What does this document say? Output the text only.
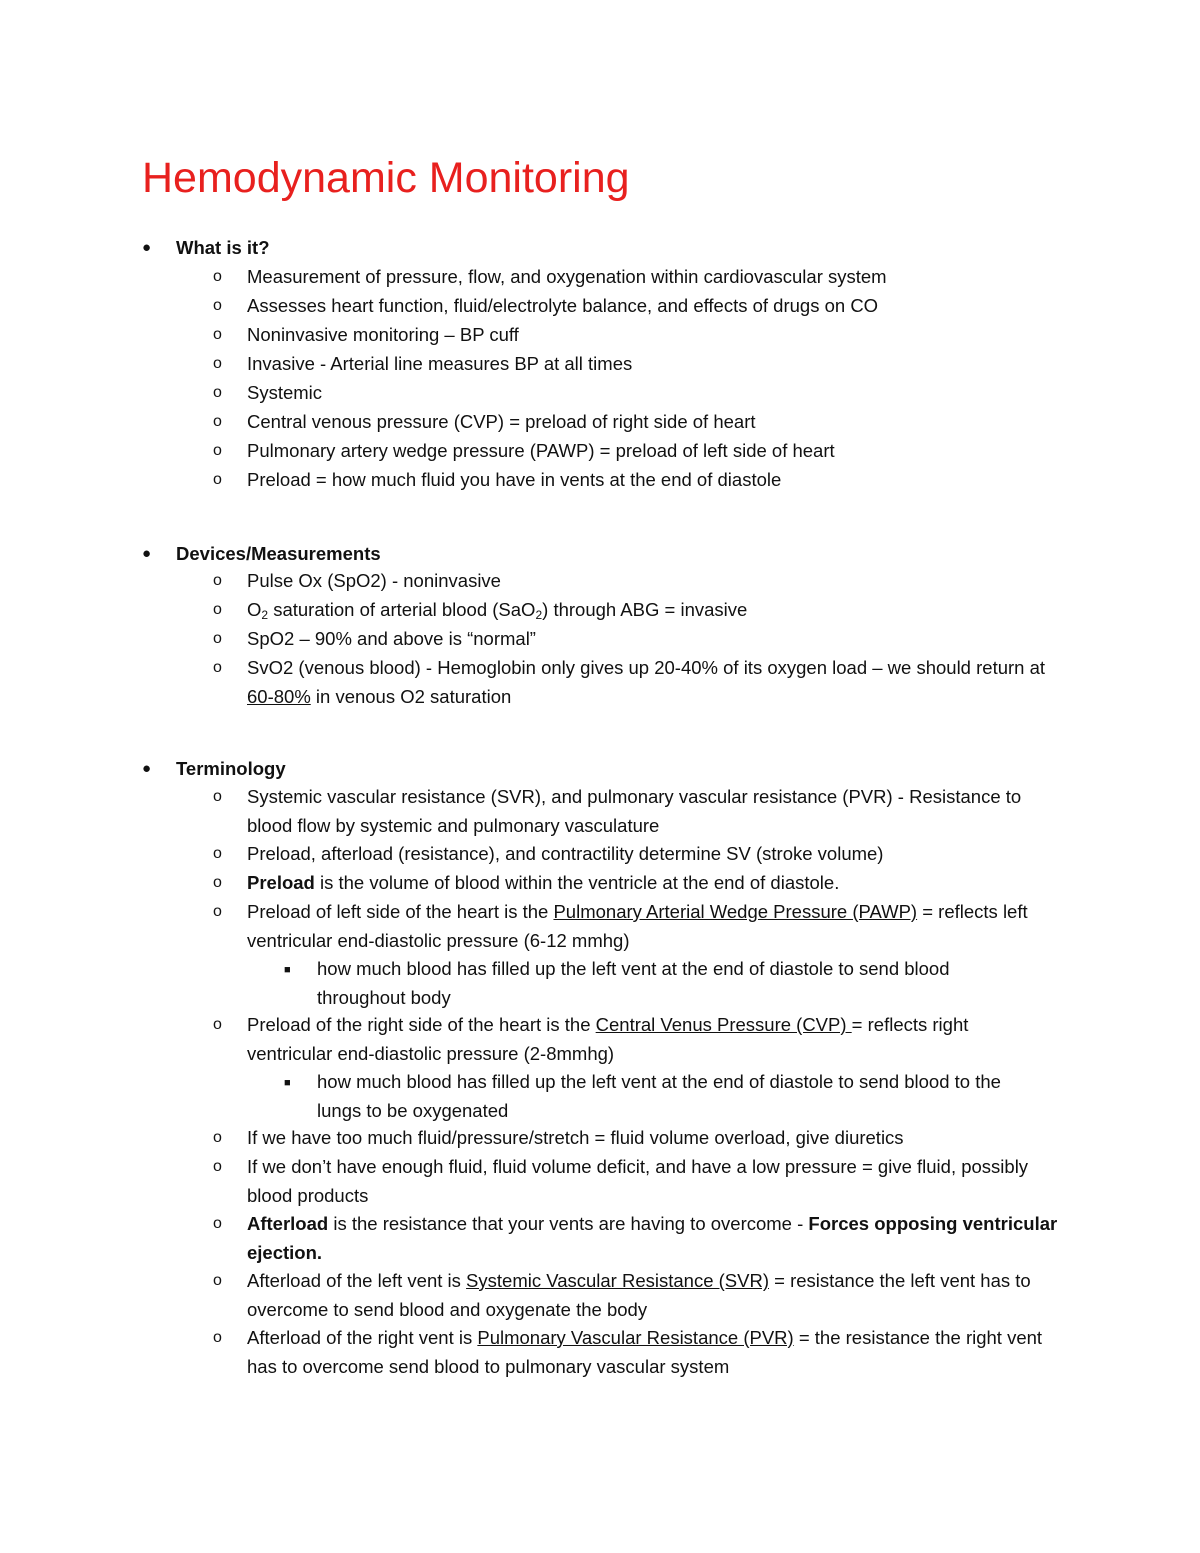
Hemodynamic Monitoring
● What is it?
o Measurement of pressure, flow, and oxygenation within cardiovascular system
o Assesses heart function, fluid/electrolyte balance, and effects of drugs on CO
o Noninvasive monitoring – BP cuff
o Invasive - Arterial line measures BP at all times
o Systemic
o Central venous pressure (CVP) = preload of right side of heart
o Pulmonary artery wedge pressure (PAWP) = preload of left side of heart
o Preload = how much fluid you have in vents at the end of diastole
● Devices/Measurements
o Pulse Ox (SpO2) - noninvasive
o $O_2$ saturation of arterial blood (SaO$_2$) through ABG = invasive
o SpO2 – 90% and above is “normal”
o SvO2 (venous blood) - Hemoglobin only gives up 20-40% of its oxygen load – we should return at
60-80% in venous O2 saturation
● Terminology
o Systemic vascular resistance (SVR), and pulmonary vascular resistance (PVR) - Resistance to
blood flow by systemic and pulmonary vasculature
o Preload, afterload (resistance), and contractility determine SV (stroke volume)
o Preload is the volume of blood within the ventricle at the end of diastole.
o Preload of left side of the heart is the Pulmonary Arterial Wedge Pressure (PAWP) = reflects left
ventricular end-diastolic pressure (6-12 mmhg)
■ how much blood has filled up the left vent at the end of diastole to send blood
throughout body
o Preload of the right side of the heart is the Central Venus Pressure (CVP) = reflects right
ventricular end-diastolic pressure (2-8mmhg)
■ how much blood has filled up the left vent at the end of diastole to send blood to the
lungs to be oxygenated
o If we have too much fluid/pressure/stretch = fluid volume overload, give diuretics
o If we don’t have enough fluid, fluid volume deficit, and have a low pressure = give fluid, possibly
blood products
o Afterload is the resistance that your vents are having to overcome - Forces opposing ventricular
ejection.
o Afterload of the left vent is Systemic Vascular Resistance (SVR) = resistance the left vent has to
overcome to send blood and oxygenate the body
o Afterload of the right vent is Pulmonary Vascular Resistance (PVR) = the resistance the right vent
has to overcome send blood to pulmonary vascular system
